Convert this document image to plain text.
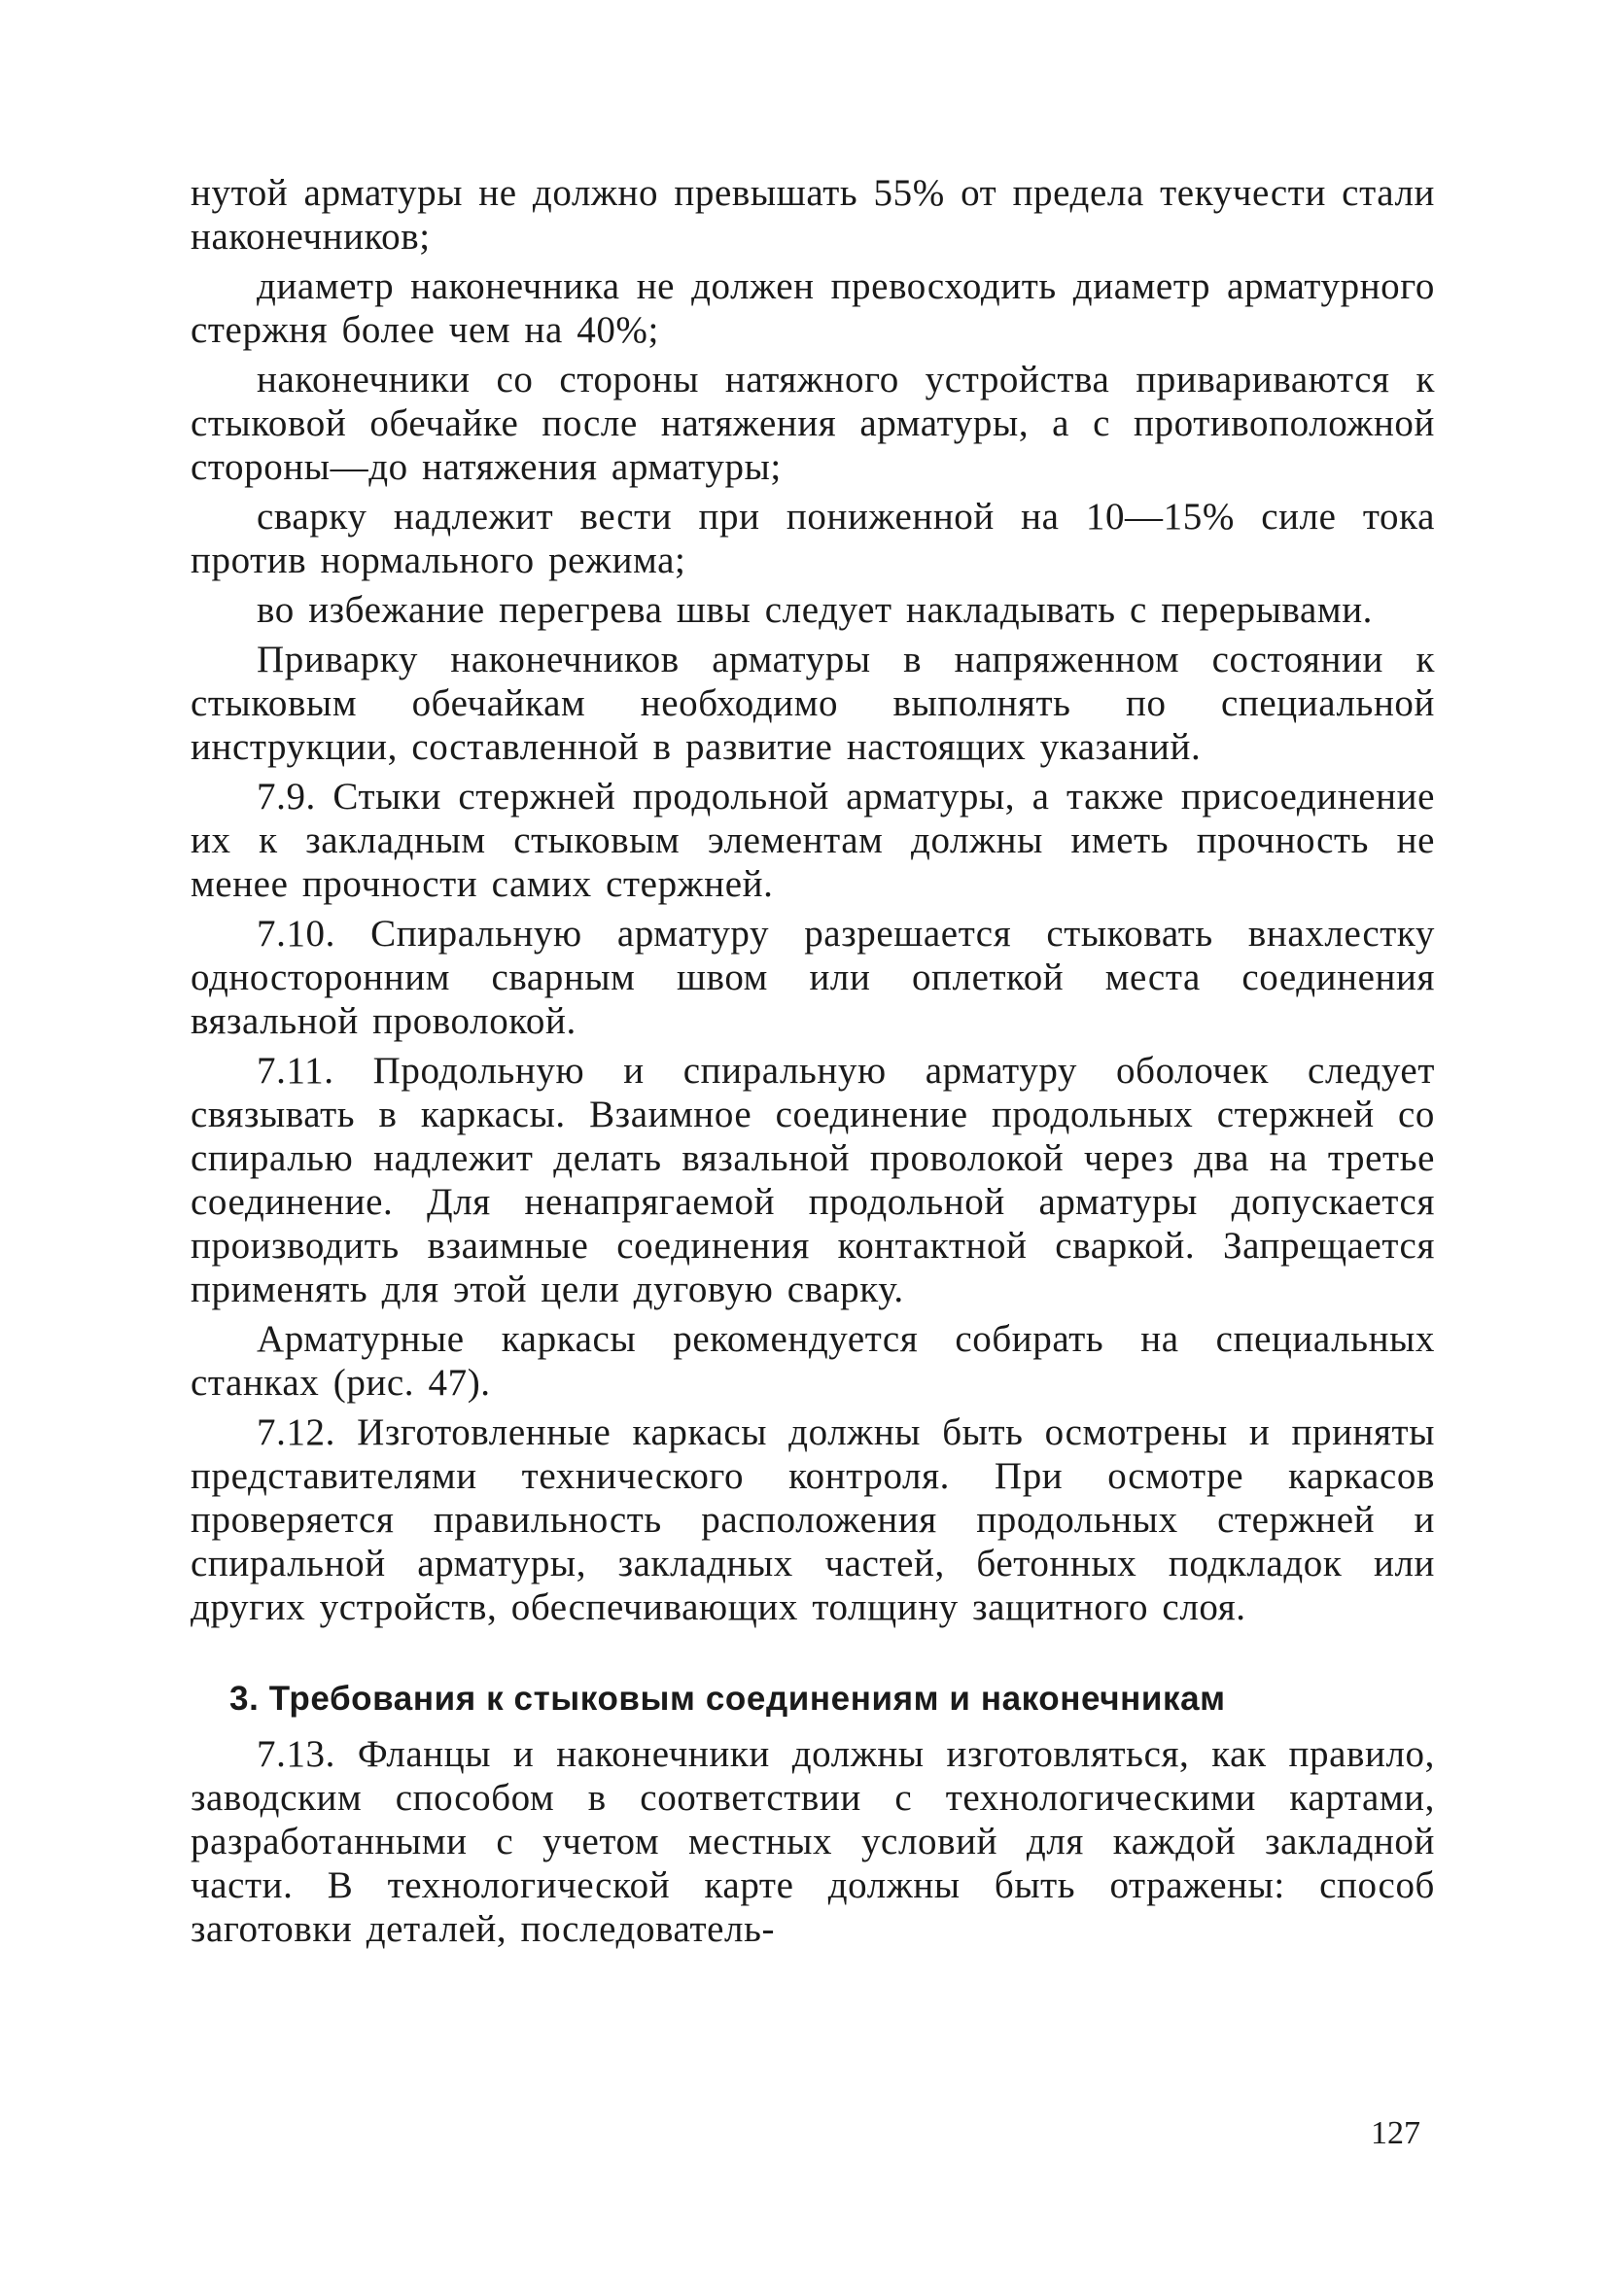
нутой арматуры не должно превышать 55% от предела текучести стали наконечников;

диаметр наконечника не должен превосходить диаметр арматурного стержня более чем на 40%;

наконечники со стороны натяжного устройства привариваются к стыковой обечайке после натяжения арматуры, а с противоположной стороны—до натяжения арматуры;

сварку надлежит вести при пониженной на 10—15% силе тока против нормального режима;

во избежание перегрева швы следует накладывать с перерывами.

Приварку наконечников арматуры в напряженном состоянии к стыковым обечайкам необходимо выполнять по специальной инструкции, составленной в развитие настоящих указаний.

7.9. Стыки стержней продольной арматуры, а также присоединение их к закладным стыковым элементам должны иметь прочность не менее прочности самих стержней.

7.10. Спиральную арматуру разрешается стыковать внахлестку односторонним сварным швом или оплеткой места соединения вязальной проволокой.

7.11. Продольную и спиральную арматуру оболочек следует связывать в каркасы. Взаимное соединение продольных стержней со спиралью надлежит делать вязальной проволокой через два на третье соединение. Для ненапрягаемой продольной арматуры допускается производить взаимные соединения контактной сваркой. Запрещается применять для этой цели дуговую сварку.

Арматурные каркасы рекомендуется собирать на специальных станках (рис. 47).

7.12. Изготовленные каркасы должны быть осмотрены и приняты представителями технического контроля. При осмотре каркасов проверяется правильность расположения продольных стержней и спиральной арматуры, закладных частей, бетонных подкладок или других устройств, обеспечивающих толщину защитного слоя.

3. Требования к стыковым соединениям и наконечникам

7.13. Фланцы и наконечники должны изготовляться, как правило, заводским способом в соответствии с технологическими картами, разработанными с учетом местных условий для каждой закладной части. В технологической карте должны быть отражены: способ заготовки деталей, последователь-

127
